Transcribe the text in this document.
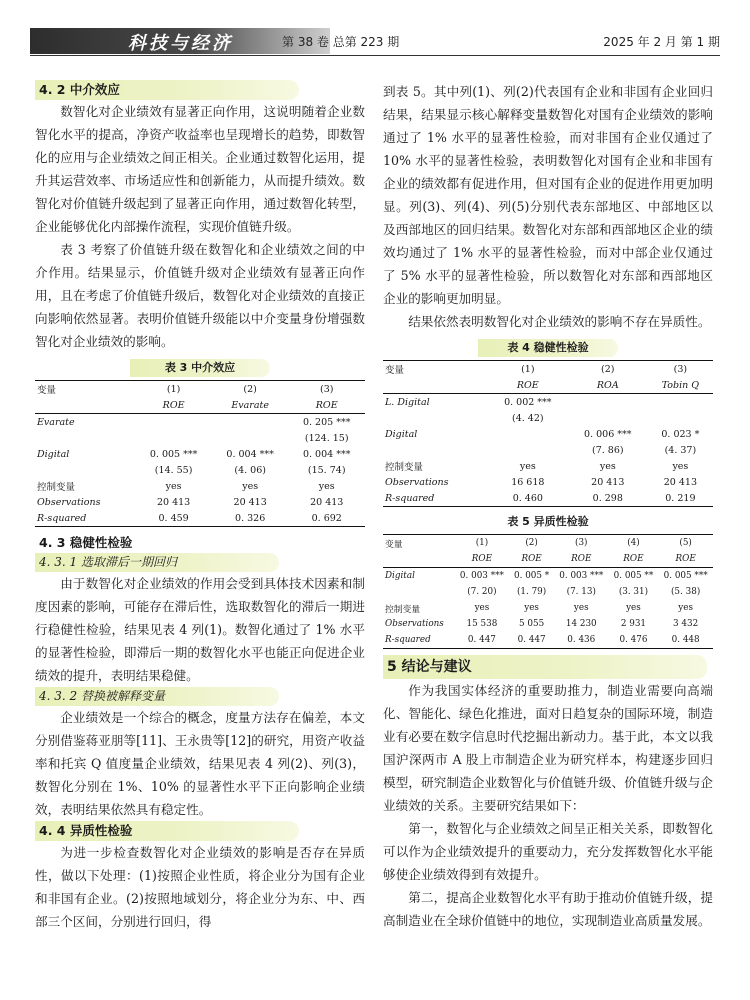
科技与经济	第 38 卷 总第 223 期	2025 年 2 月 第 1 期
4. 2 中介效应

数智化对企业绩效有显著正向作用，这说明随着企业数智化水平的提高，净资产收益率也呈现增长的趋势，即数智化的应用与企业绩效之间正相关。企业通过数智化运用，提升其运营效率、市场适应性和创新能力，从而提升绩效。数智化对价值链升级起到了显著正向作用，通过数智化转型，企业能够优化内部操作流程，实现价值链升级。

表 3 考察了价值链升级在数智化和企业绩效之间的中介作用。结果显示，价值链升级对企业绩效有显著正向作用，且在考虑了价值链升级后，数智化对企业绩效的直接正向影响依然显著。表明价值链升级能以中介变量身份增强数智化对企业绩效的影响。

表 3 中介效应
变量	(1)	(2)	(3)
	ROE	Evarate	ROE
Evarate			0. 205 ***
			(124. 15)
Digital	0. 005 ***	0. 004 ***	0. 004 ***
	(14. 55)	(4. 06)	(15. 74)
控制变量	yes	yes	yes
Observations	20 413	20 413	20 413
R-squared	0. 459	0. 326	0. 692
4. 3 稳健性检验
4. 3. 1 选取滞后一期回归

由于数智化对企业绩效的作用会受到具体技术因素和制度因素的影响，可能存在滞后性，选取数智化的滞后一期进行稳健性检验，结果见表 4 列(1)。数智化通过了 1% 水平的显著性检验，即滞后一期的数智化水平也能正向促进企业绩效的提升，表明结果稳健。

4. 3. 2 替换被解释变量

企业绩效是一个综合的概念，度量方法存在偏差，本文分别借鉴蒋亚朋等[11]、王永贵等[12]的研究，用资产收益率和托宾 Q 值度量企业绩效，结果见表 4 列(2)、列(3)，数智化分别在 1%、10% 的显著性水平下正向影响企业绩效，表明结果依然具有稳定性。

4. 4 异质性检验

为进一步检查数智化对企业绩效的影响是否存在异质性，做以下处理：(1)按照企业性质，将企业分为国有企业和非国有企业。(2)按照地域划分，将企业分为东、中、西部三个区间，分别进行回归，得

到表 5。其中列(1)、列(2)代表国有企业和非国有企业回归结果，结果显示核心解释变量数智化对国有企业绩效的影响通过了 1% 水平的显著性检验，而对非国有企业仅通过了 10% 水平的显著性检验，表明数智化对国有企业和非国有企业的绩效都有促进作用，但对国有企业的促进作用更加明显。列(3)、列(4)、列(5)分别代表东部地区、中部地区以及西部地区的回归结果。数智化对东部和西部地区企业的绩效均通过了 1% 水平的显著性检验，而对中部企业仅通过了 5% 水平的显著性检验，所以数智化对东部和西部地区企业的影响更加明显。

结果依然表明数智化对企业绩效的影响不存在异质性。

表 4 稳健性检验
变量	(1)	(2)	(3)
	ROE	ROA	Tobin Q
L. Digital	0. 002 ***		
	(4. 42)		
Digital		0. 006 ***	0. 023 *
		(7. 86)	(4. 37)
控制变量	yes	yes	yes
Observations	16 618	20 413	20 413
R-squared	0. 460	0. 298	0. 219
表 5 异质性检验
变量	(1)	(2)	(3)	(4)	(5)
	ROE	ROE	ROE	ROE	ROE
Digital	0. 003 ***	0. 005 *	0. 003 ***	0. 005 **	0. 005 ***
	(7. 20)	(1. 79)	(7. 13)	(3. 31)	(5. 38)
控制变量	yes	yes	yes	yes	yes
Observations	15 538	5 055	14 230	2 931	3 432
R-squared	0. 447	0. 447	0. 436	0. 476	0. 448
5 结论与建议

作为我国实体经济的重要助推力，制造业需要向高端化、智能化、绿色化推进，面对日趋复杂的国际环境，制造业有必要在数字信息时代挖掘出新动力。基于此，本文以我国沪深两市 A 股上市制造企业为研究样本，构建逐步回归模型，研究制造企业数智化与价值链升级、价值链升级与企业绩效的关系。主要研究结果如下：

第一，数智化与企业绩效之间呈正相关关系，即数智化可以作为企业绩效提升的重要动力，充分发挥数智化水平能够使企业绩效得到有效提升。

第二，提高企业数智化水平有助于推动价值链升级，提高制造业在全球价值链中的地位，实现制造业高质量发展。
